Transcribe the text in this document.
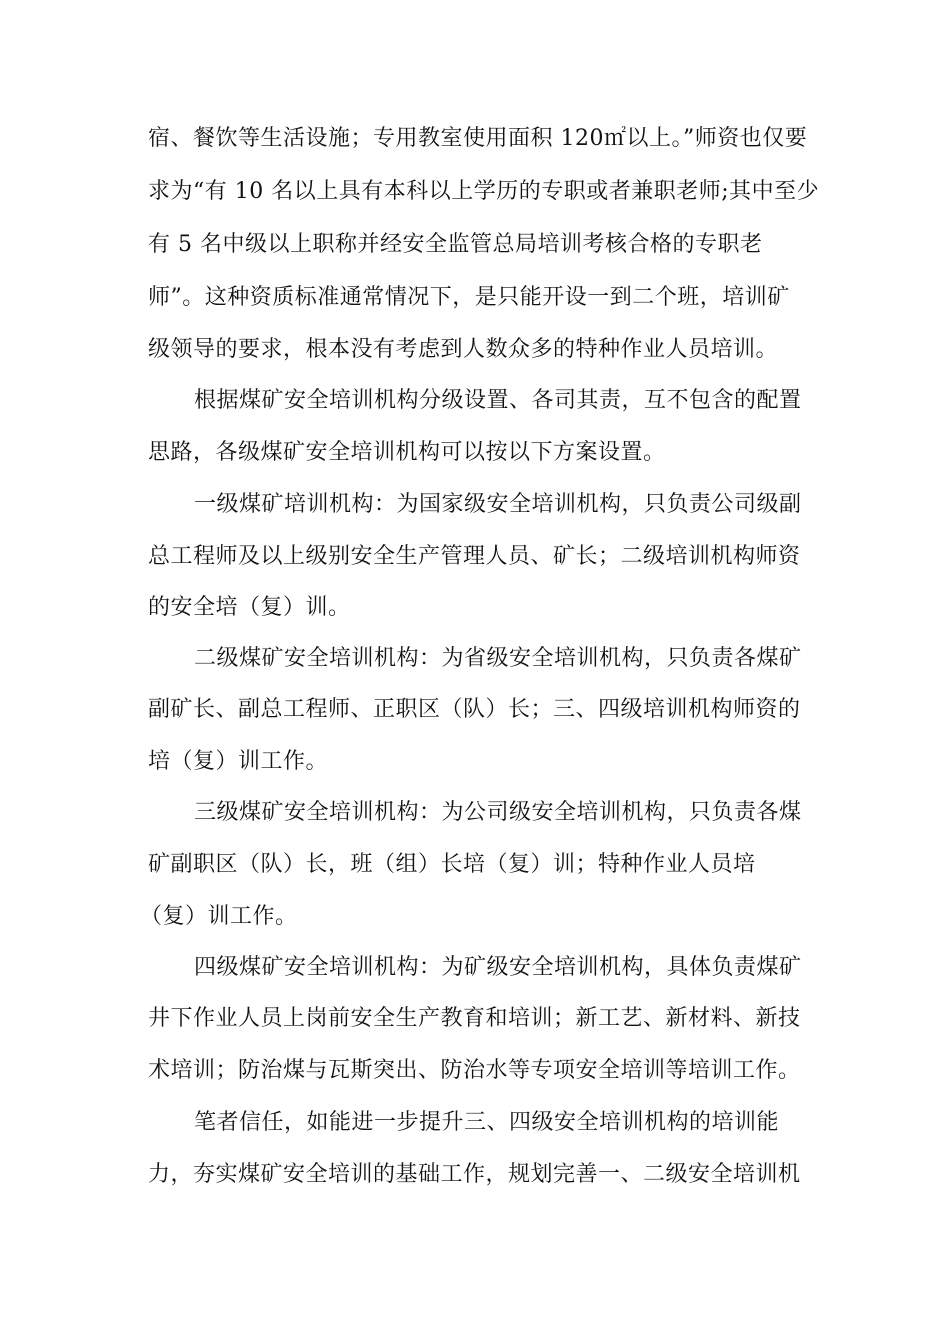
宿、餐饮等生活设施；专用教室使用面积 120㎡以上。”师资也仅要
求为“有 10 名以上具有本科以上学历的专职或者兼职老师;其中至少
有 5 名中级以上职称并经安全监管总局培训考核合格的专职老
师”。这种资质标准通常情况下，是只能开设一到二个班，培训矿
级领导的要求，根本没有考虑到人数众多的特种作业人员培训。
根据煤矿安全培训机构分级设置、各司其责，互不包含的配置
思路，各级煤矿安全培训机构可以按以下方案设置。
一级煤矿培训机构：为国家级安全培训机构，只负责公司级副
总工程师及以上级别安全生产管理人员、矿长；二级培训机构师资
的安全培（复）训。
二级煤矿安全培训机构：为省级安全培训机构，只负责各煤矿
副矿长、副总工程师、正职区（队）长；三、四级培训机构师资的
培（复）训工作。
三级煤矿安全培训机构：为公司级安全培训机构，只负责各煤
矿副职区（队）长，班（组）长培（复）训；特种作业人员培
（复）训工作。
四级煤矿安全培训机构：为矿级安全培训机构，具体负责煤矿
井下作业人员上岗前安全生产教育和培训；新工艺、新材料、新技
术培训；防治煤与瓦斯突出、防治水等专项安全培训等培训工作。
笔者信任，如能进一步提升三、四级安全培训机构的培训能
力，夯实煤矿安全培训的基础工作，规划完善一、二级安全培训机
